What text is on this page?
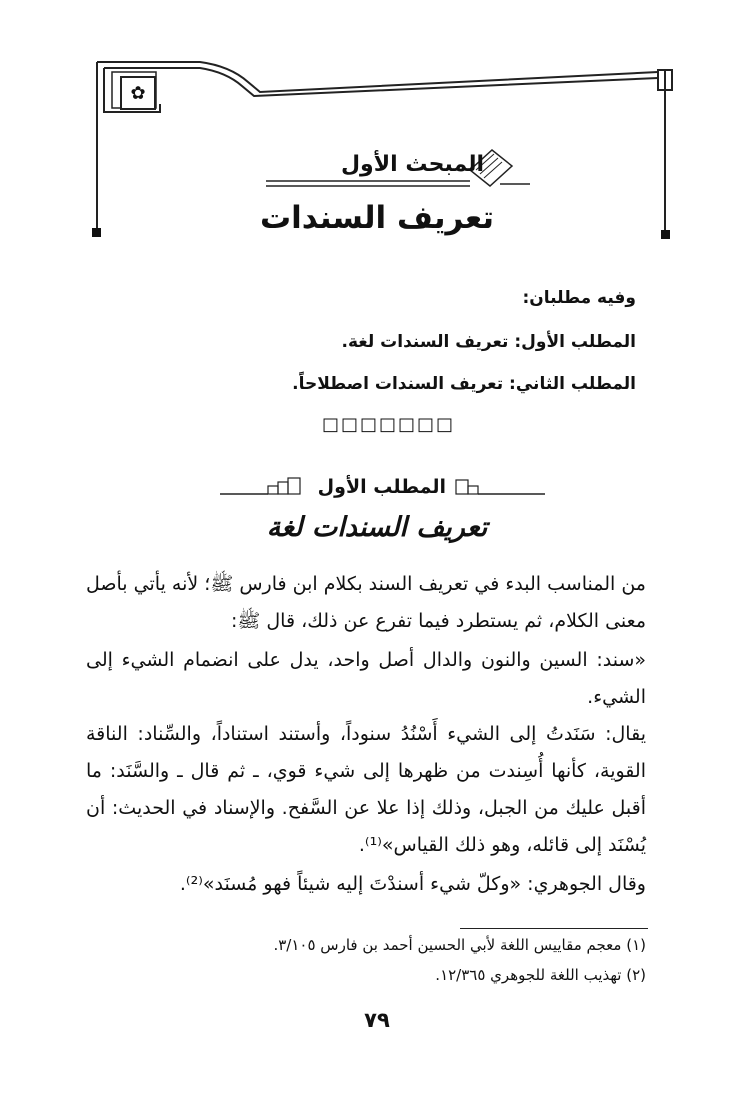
✿
المبحث الأول
تعريف السندات
وفيه مطلبان:
المطلب الأول: تعريف السندات لغة.
المطلب الثاني: تعريف السندات اصطلاحاً.
□□□□□□□
المطلب الأول
تعريف السندات لغة
من المناسب البدء في تعريف السند بكلام ابن فارس ﷺ؛ لأنه يأتي بأصل معنى الكلام، ثم يستطرد فيما تفرع عن ذلك، قال ﷺ:
«سند: السين والنون والدال أصل واحد، يدل على انضمام الشيء إلى الشيء.
يقال: سَنَدتُ إلى الشيء أَسْنُدُ سنوداً، وأستند استناداً، والسِّناد: الناقة القوية، كأنها أُسِندت من ظهرها إلى شيء قوي، ـ ثم قال ـ والسَّنَد: ما أقبل عليك من الجبل، وذلك إذا علا عن السَّفح. والإسناد في الحديث: أن يُسْنَد إلى قائله، وهو ذلك القياس»⁽¹⁾.
وقال الجوهري: «وكلّ شيء أسندْتَ إليه شيئاً فهو مُسنَد»⁽²⁾.
(١) معجم مقاييس اللغة لأبي الحسين أحمد بن فارس ٣/١٠٥.
(٢) تهذيب اللغة للجوهري ١٢/٣٦٥.
٧٩
